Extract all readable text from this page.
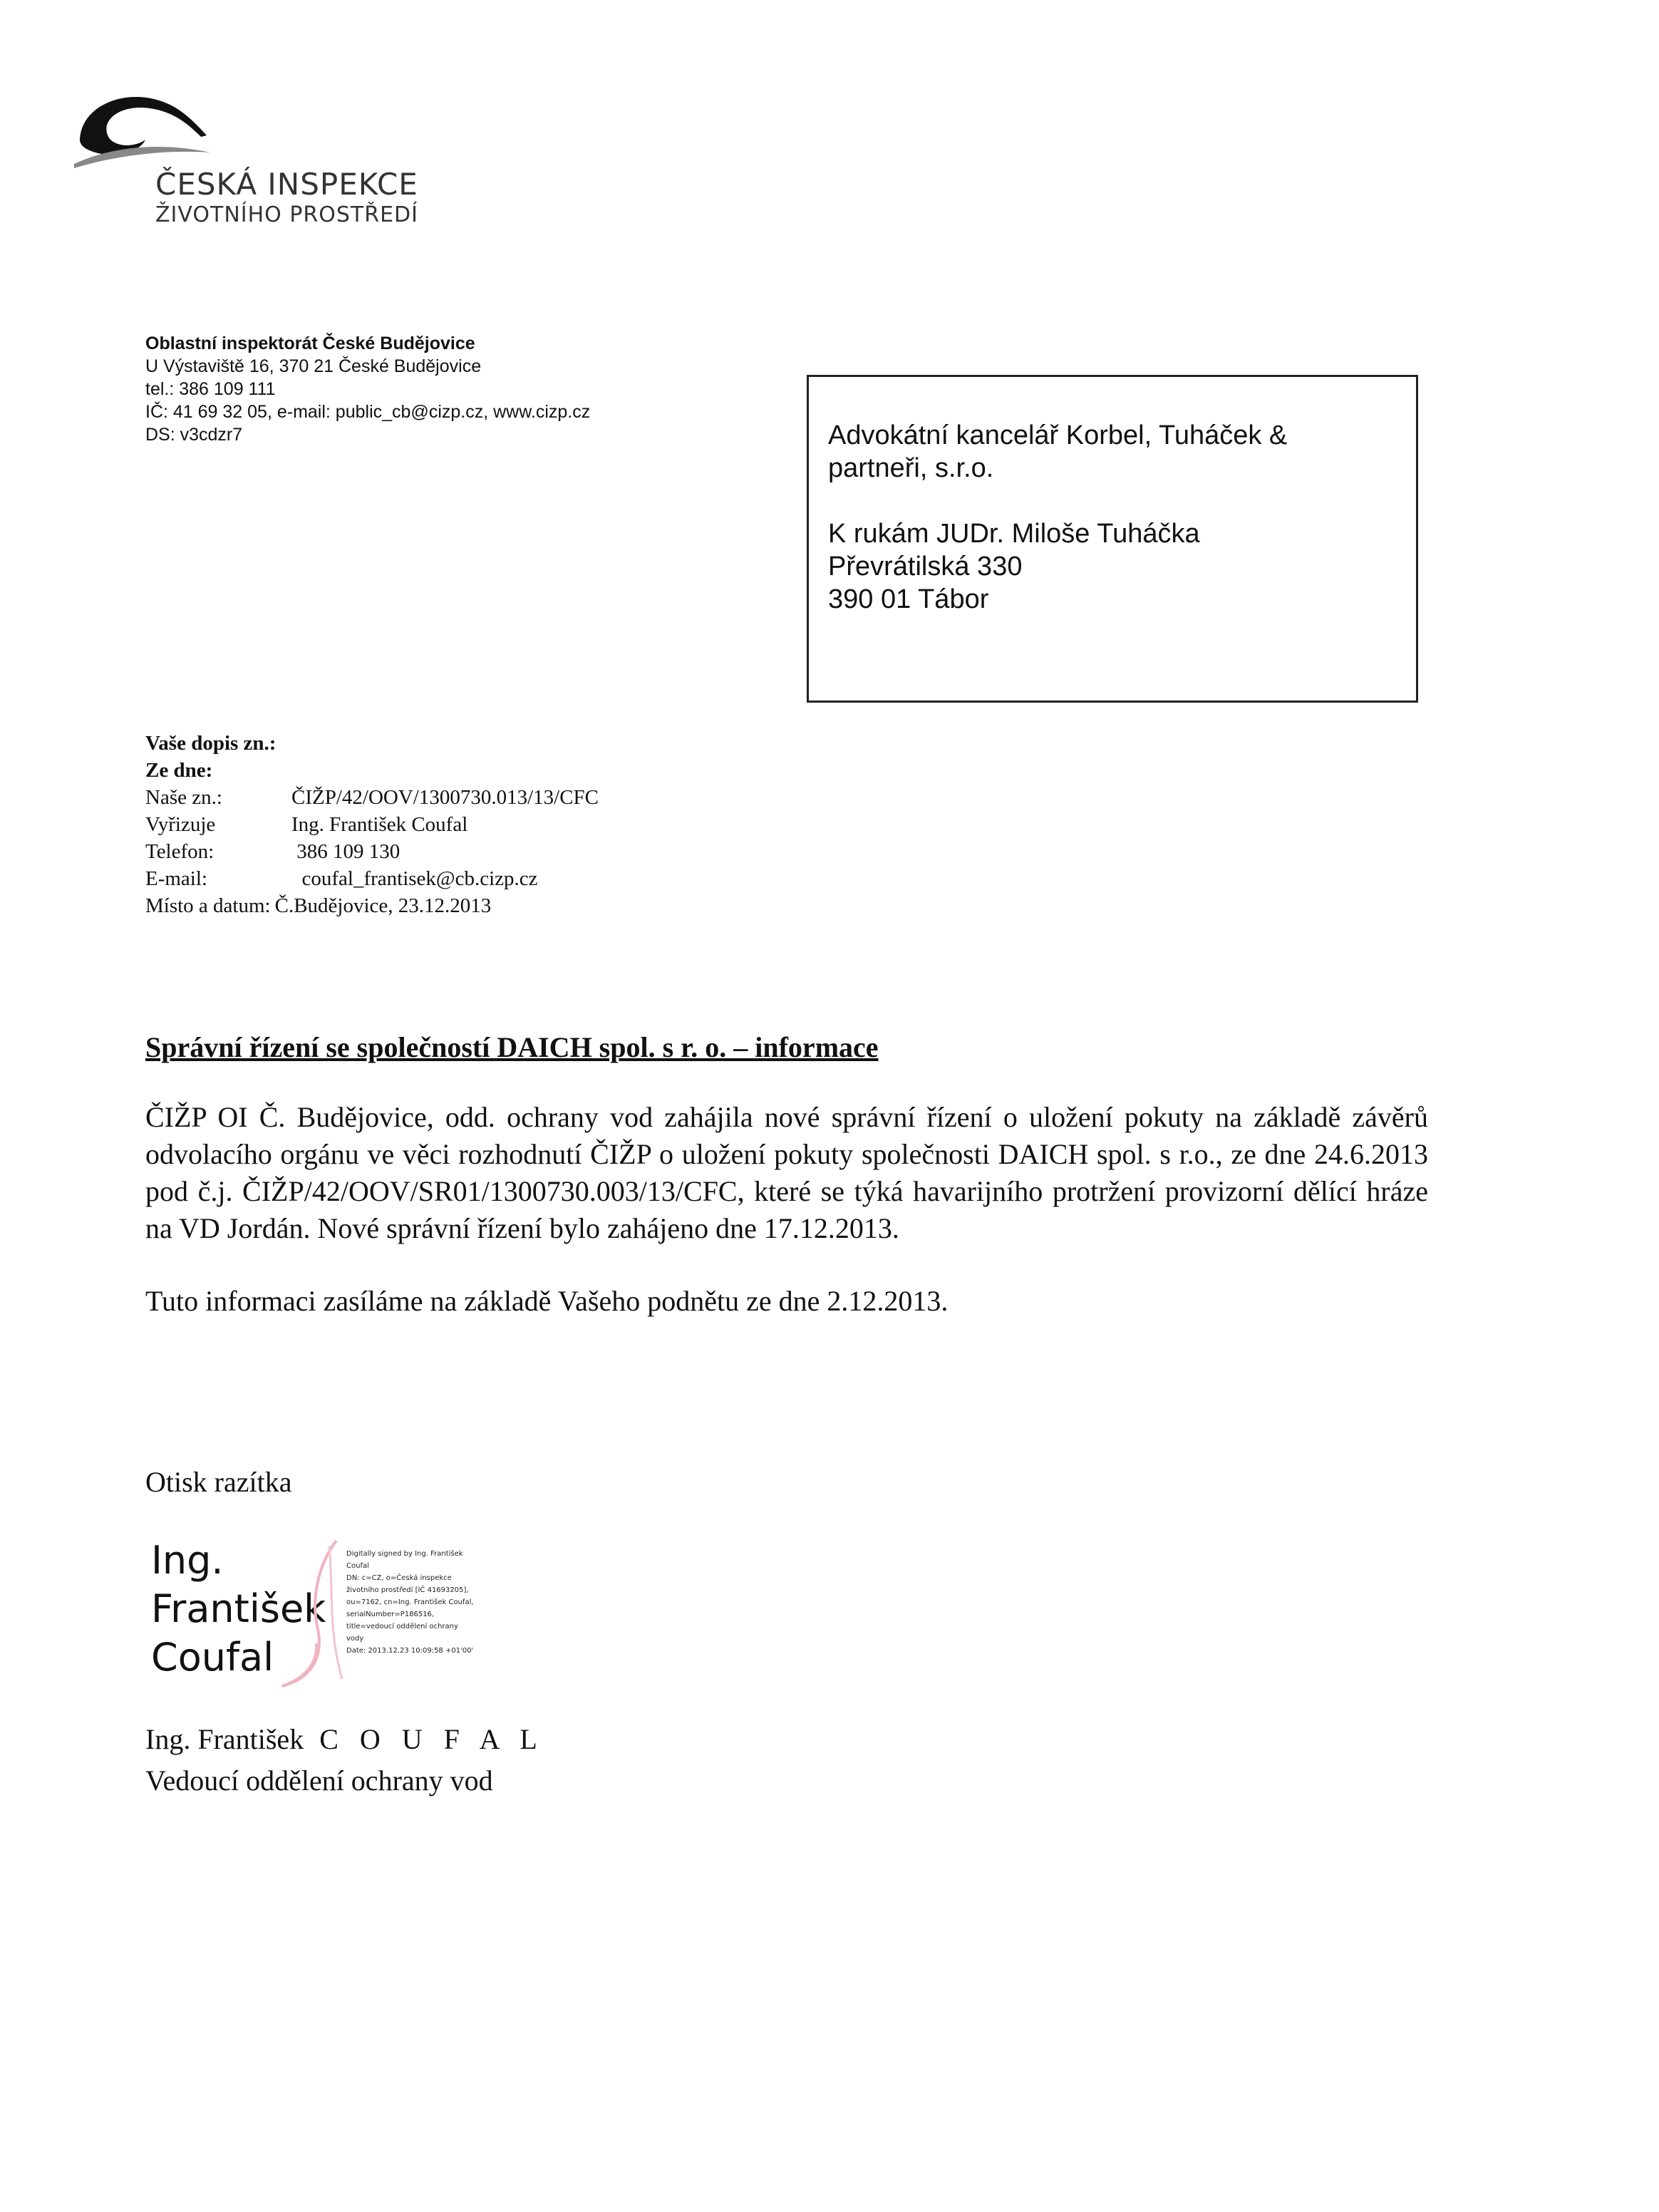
ČESKÁ INSPEKCE
ŽIVOTNÍHO PROSTŘEDÍ
Oblastní inspektorát České Budějovice
U Výstaviště 16, 370 21 České Budějovice
tel.: 386 109 111
IČ: 41 69 32 05, e-mail: public_cb@cizp.cz, www.cizp.cz
DS: v3cdzr7	Advokátní kancelář Korbel, Tuháček &
partneři, s.r.o.
K rukám JUDr. Miloše Tuháčka
Převrátilská 330
390 01 Tábor
Vaše dopis zn.:
Ze dne:
Naše zn.:	ČIŽP/42/OOV/1300730.013/13/CFC
Vyřizuje	Ing. František Coufal
Telefon:	386 109 130
E-mail:	coufal_frantisek@cb.cizp.cz
Místo a datum: Č.Budějovice, 23.12.2013
Správní řízení se společností DAICH spol. s r. o. – informace
ČIŽP OI Č. Budějovice, odd. ochrany vod zahájila nové správní řízení o uložení pokuty na základě závěrů odvolacího orgánu ve věci rozhodnutí ČIŽP o uložení pokuty společnosti DAICH spol. s r.o., ze dne 24.6.2013 pod č.j. ČIŽP/42/OOV/SR01/1300730.003/13/CFC, které se týká havarijního protržení provizorní dělící hráze na VD Jordán. Nové správní řízení bylo zahájeno dne 17.12.2013.
Tuto informaci zasíláme na základě Vašeho podnětu ze dne 2.12.2013.
Otisk razítka
Ing.
František
Coufal
Digitally signed by Ing. František
Coufal
DN: c=CZ, o=Česká inspekce
životního prostředí [IČ 41693205],
ou=7162, cn=Ing. František Coufal,
serialNumber=P186516,
title=vedoucí oddělení ochrany
vody
Date: 2013.12.23 10:09:58 +01'00'
Ing. František C O U F A L
Vedoucí oddělení ochrany vod
